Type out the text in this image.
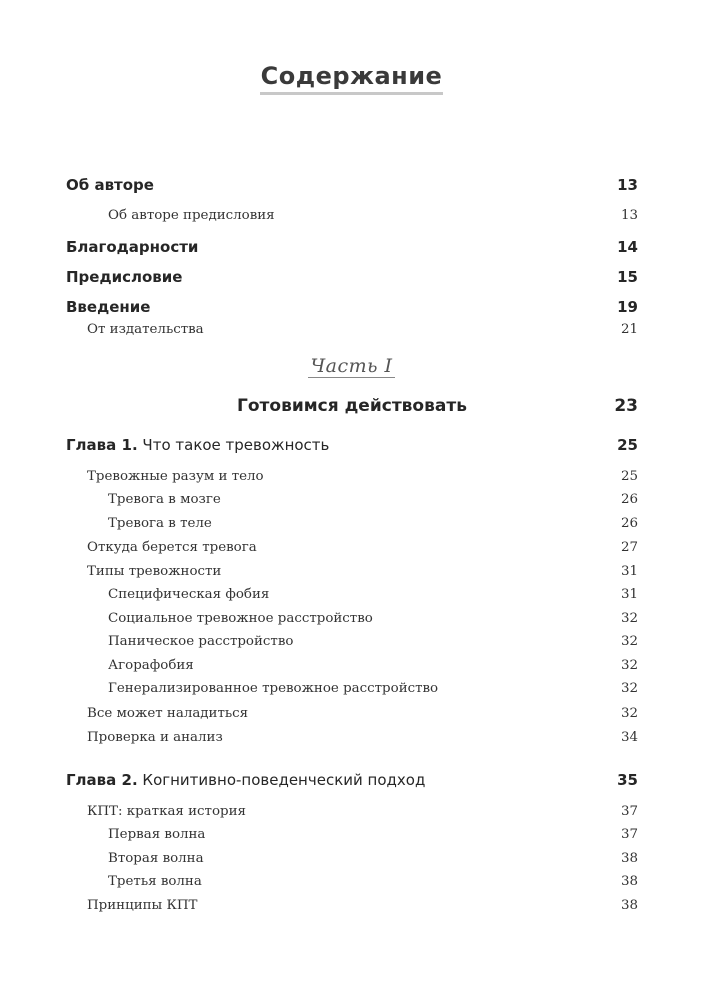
Содержание
Об авторе	13
Об авторе предисловия	13
Благодарности	14
Предисловие	15
Введение	19
От издательства	21
Часть I
Готовимся действовать	23
Глава 1. Что такое тревожность	25
Тревожные разум и тело	25
Тревога в мозге	26
Тревога в теле	26
Откуда берется тревога	27
Типы тревожности	31
Специфическая фобия	31
Социальное тревожное расстройство	32
Паническое расстройство	32
Агорафобия	32
Генерализированное тревожное расстройство	32
Все может наладиться	32
Проверка и анализ	34
Глава 2. Когнитивно-поведенческий подход	35
КПТ: краткая история	37
Первая волна	37
Вторая волна	38
Третья волна	38
Принципы КПТ	38
